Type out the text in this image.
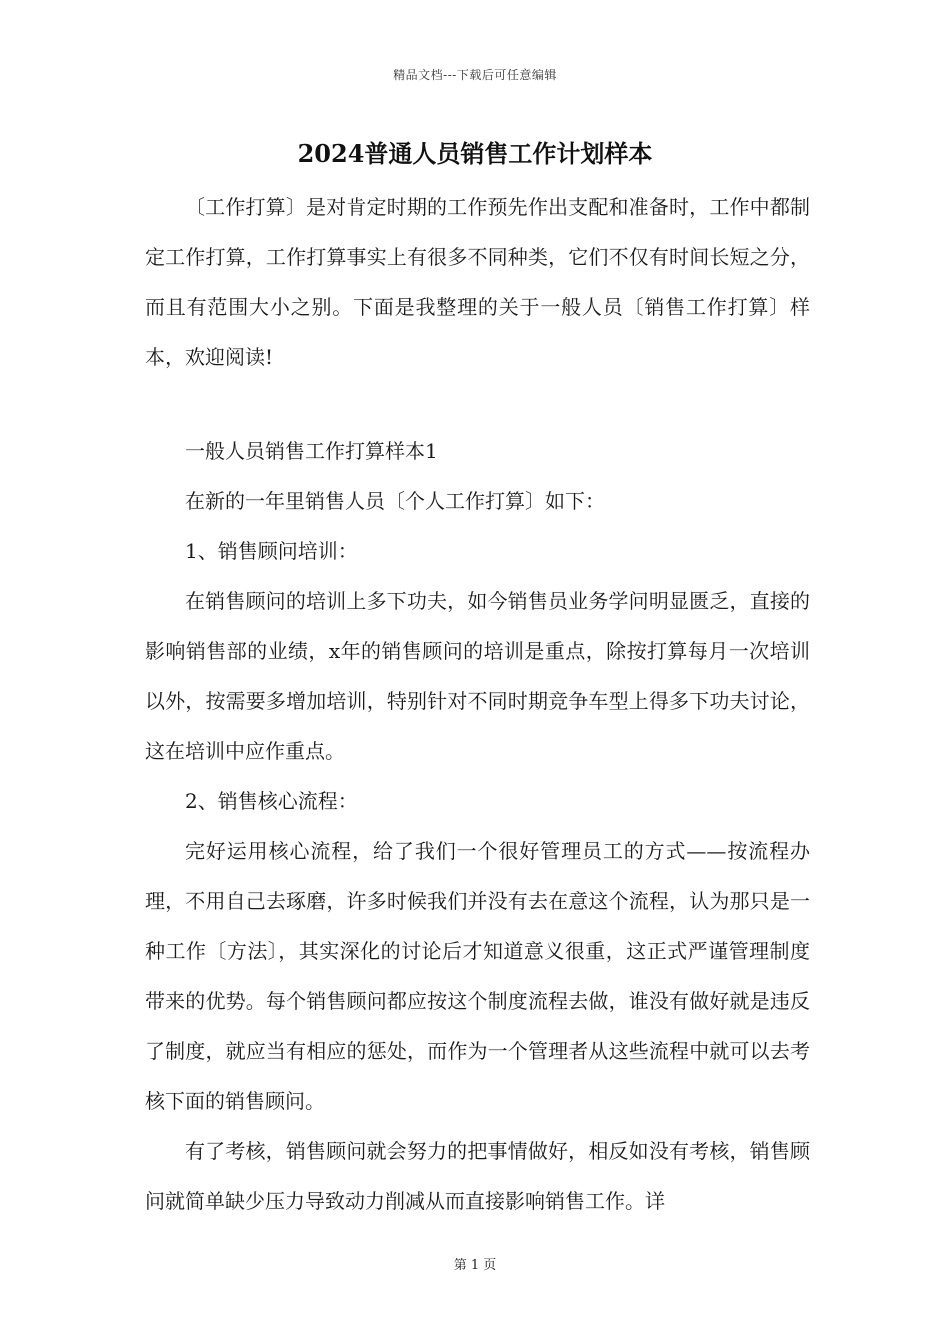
精品文档---下载后可任意编辑
2024普通人员销售工作计划样本

〔工作打算〕是对肯定时期的工作预先作出支配和准备时，工作中都制定工作打算，工作打算事实上有很多不同种类，它们不仅有时间长短之分，而且有范围大小之别。下面是我整理的关于一般人员〔销售工作打算〕样本，欢迎阅读!

一般人员销售工作打算样本1

在新的一年里销售人员〔个人工作打算〕如下：

1、销售顾问培训：

在销售顾问的培训上多下功夫，如今销售员业务学问明显匮乏，直接的影响销售部的业绩，x年的销售顾问的培训是重点，除按打算每月一次培训以外，按需要多增加培训，特别针对不同时期竞争车型上得多下功夫讨论，这在培训中应作重点。

2、销售核心流程：

完好运用核心流程，给了我们一个很好管理员工的方式——按流程办理，不用自己去琢磨，许多时候我们并没有去在意这个流程，认为那只是一种工作〔方法〕，其实深化的讨论后才知道意义很重，这正式严谨管理制度带来的优势。每个销售顾问都应按这个制度流程去做，谁没有做好就是违反了制度，就应当有相应的惩处，而作为一个管理者从这些流程中就可以去考核下面的销售顾问。

有了考核，销售顾问就会努力的把事情做好，相反如没有考核，销售顾问就简单缺少压力导致动力削减从而直接影响销售工作。详

第 1 页
